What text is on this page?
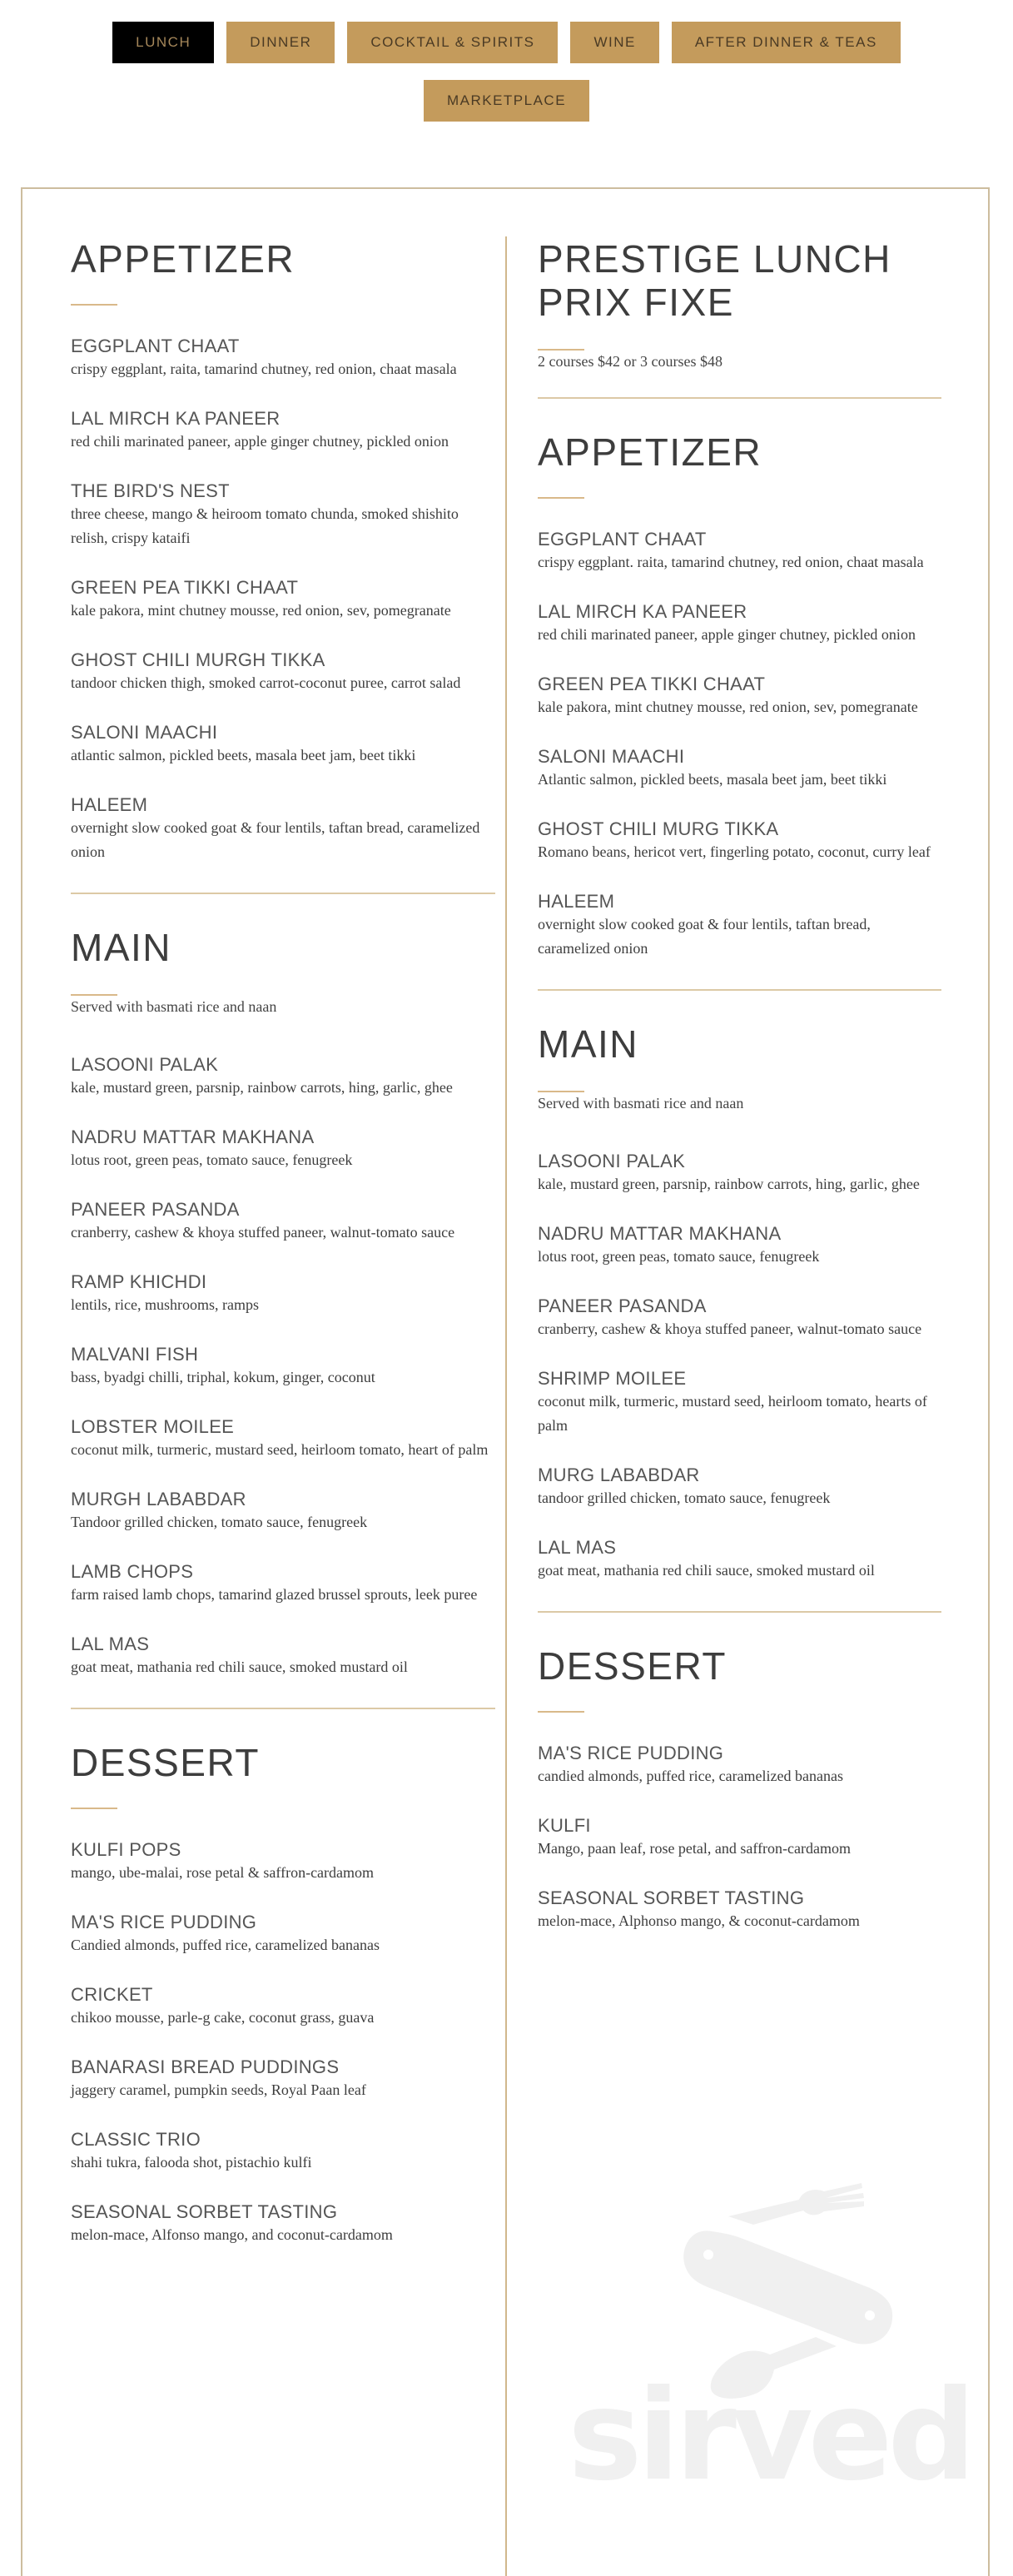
LUNCH	DINNER	COCKTAIL & SPIRITS	WINE	AFTER DINNER & TEAS
MARKETPLACE
APPETIZER
EGGPLANT CHAAT
crispy eggplant, raita, tamarind chutney, red onion, chaat masala
LAL MIRCH KA PANEER
red chili marinated paneer, apple ginger chutney, pickled onion
THE BIRD'S NEST
three cheese, mango & heiroom tomato chunda, smoked shishito relish, crispy kataifi
GREEN PEA TIKKI CHAAT
kale pakora, mint chutney mousse, red onion, sev, pomegranate
GHOST CHILI MURGH TIKKA
tandoor chicken thigh, smoked carrot-coconut puree, carrot salad
SALONI MAACHI
atlantic salmon, pickled beets, masala beet jam, beet tikki
HALEEM
overnight slow cooked goat & four lentils, taftan bread, caramelized onion
MAIN
Served with basmati rice and naan
LASOONI PALAK
kale, mustard green, parsnip, rainbow carrots, hing, garlic, ghee
NADRU MATTAR MAKHANA
lotus root, green peas, tomato sauce, fenugreek
PANEER PASANDA
cranberry, cashew & khoya stuffed paneer, walnut-tomato sauce
RAMP KHICHDI
lentils, rice, mushrooms, ramps
MALVANI FISH
bass, byadgi chilli, triphal, kokum, ginger, coconut
LOBSTER MOILEE
coconut milk, turmeric, mustard seed, heirloom tomato, heart of palm
MURGH LABABDAR
Tandoor grilled chicken, tomato sauce, fenugreek
LAMB CHOPS
farm raised lamb chops, tamarind glazed brussel sprouts, leek puree
LAL MAS
goat meat, mathania red chili sauce, smoked mustard oil
DESSERT
KULFI POPS
mango, ube-malai, rose petal & saffron-cardamom
MA'S RICE PUDDING
Candied almonds, puffed rice, caramelized bananas
CRICKET
chikoo mousse, parle-g cake, coconut grass, guava
BANARASI BREAD PUDDINGS
jaggery caramel, pumpkin seeds, Royal Paan leaf
CLASSIC TRIO
shahi tukra, falooda shot, pistachio kulfi
SEASONAL SORBET TASTING
melon-mace, Alfonso mango, and coconut-cardamom
PRESTIGE LUNCH PRIX FIXE
2 courses $42 or 3 courses $48
APPETIZER
EGGPLANT CHAAT
crispy eggplant. raita, tamarind chutney, red onion, chaat masala
LAL MIRCH KA PANEER
red chili marinated paneer, apple ginger chutney, pickled onion
GREEN PEA TIKKI CHAAT
kale pakora, mint chutney mousse, red onion, sev, pomegranate
SALONI MAACHI
Atlantic salmon, pickled beets, masala beet jam, beet tikki
GHOST CHILI MURG TIKKA
Romano beans, hericot vert, fingerling potato, coconut, curry leaf
HALEEM
overnight slow cooked goat & four lentils, taftan bread, caramelized onion
MAIN
Served with basmati rice and naan
LASOONI PALAK
kale, mustard green, parsnip, rainbow carrots, hing, garlic, ghee
NADRU MATTAR MAKHANA
lotus root, green peas, tomato sauce, fenugreek
PANEER PASANDA
cranberry, cashew & khoya stuffed paneer, walnut-tomato sauce
SHRIMP MOILEE
coconut milk, turmeric, mustard seed, heirloom tomato, hearts of palm
MURG LABABDAR
tandoor grilled chicken, tomato sauce, fenugreek
LAL MAS
goat meat, mathania red chili sauce, smoked mustard oil
DESSERT
MA'S RICE PUDDING
candied almonds, puffed rice, caramelized bananas
KULFI
Mango, paan leaf, rose petal, and saffron-cardamom
SEASONAL SORBET TASTING
melon-mace, Alphonso mango, & coconut-cardamom
sirved
